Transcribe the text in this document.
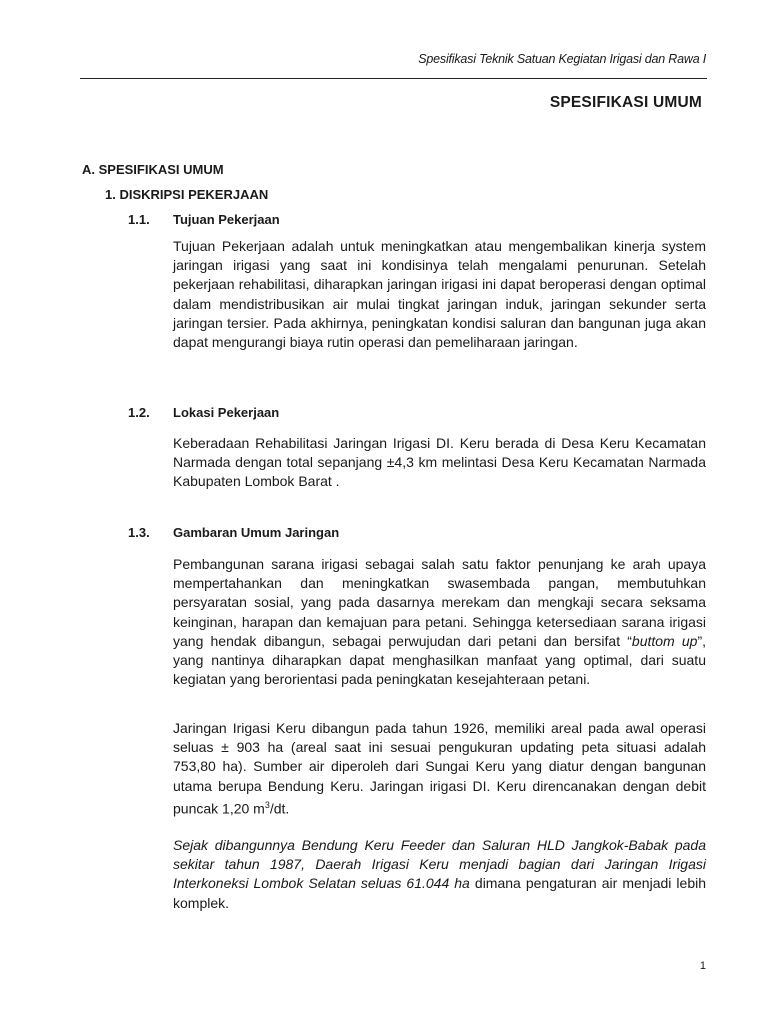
Spesifikasi Teknik Satuan Kegiatan Irigasi dan Rawa I
SPESIFIKASI UMUM
A. SPESIFIKASI UMUM
1. DISKRIPSI PEKERJAAN
1.1. Tujuan Pekerjaan

Tujuan Pekerjaan adalah untuk meningkatkan atau mengembalikan kinerja system jaringan irigasi yang saat ini kondisinya telah mengalami penurunan. Setelah pekerjaan rehabilitasi, diharapkan jaringan irigasi ini dapat beroperasi dengan optimal dalam mendistribusikan air mulai tingkat jaringan induk, jaringan sekunder serta jaringan tersier. Pada akhirnya, peningkatan kondisi saluran dan bangunan juga akan dapat mengurangi biaya rutin operasi dan pemeliharaan jaringan.

1.2. Lokasi Pekerjaan

Keberadaan Rehabilitasi Jaringan Irigasi DI. Keru berada di Desa Keru Kecamatan Narmada dengan total sepanjang ±4,3 km melintasi Desa Keru Kecamatan Narmada Kabupaten Lombok Barat .

1.3. Gambaran Umum Jaringan

Pembangunan sarana irigasi sebagai salah satu faktor penunjang ke arah upaya mempertahankan dan meningkatkan swasembada pangan, membutuhkan persyaratan sosial, yang pada dasarnya merekam dan mengkaji secara seksama keinginan, harapan dan kemajuan para petani. Sehingga ketersediaan sarana irigasi yang hendak dibangun, sebagai perwujudan dari petani dan bersifat “buttom up”, yang nantinya diharapkan dapat menghasilkan manfaat yang optimal, dari suatu kegiatan yang berorientasi pada peningkatan kesejahteraan petani.

Jaringan Irigasi Keru dibangun pada tahun 1926, memiliki areal pada awal operasi seluas ± 903 ha (areal saat ini sesuai pengukuran updating peta situasi adalah 753,80 ha). Sumber air diperoleh dari Sungai Keru yang diatur dengan bangunan utama berupa Bendung Keru. Jaringan irigasi DI. Keru direncanakan dengan debit puncak 1,20 $m^3/dt$.

Sejak dibangunnya Bendung Keru Feeder dan Saluran HLD Jangkok-Babak pada sekitar tahun 1987, Daerah Irigasi Keru menjadi bagian dari Jaringan Irigasi Interkoneksi Lombok Selatan seluas 61.044 ha dimana pengaturan air menjadi lebih komplek.

1
